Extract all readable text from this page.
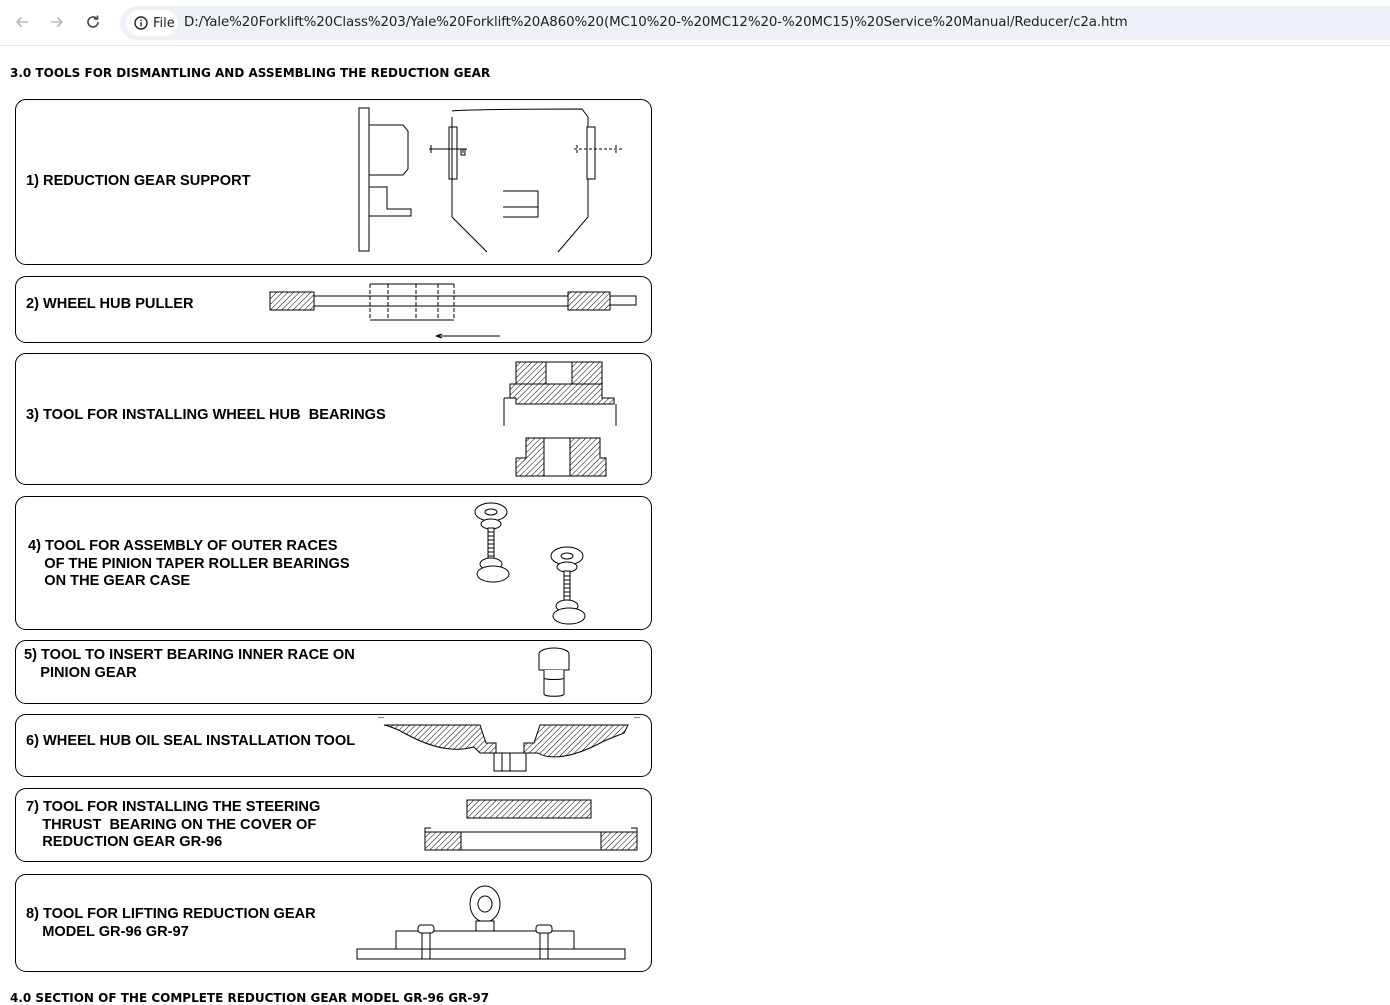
File D:/Yale%20Forklift%20Class%203/Yale%20Forklift%20A860%20(MC10%20-%20MC12%20-%20MC15)%20Service%20Manual/Reducer/c2a.htm
3.0 TOOLS FOR DISMANTLING AND ASSEMBLING THE REDUCTION GEAR
1) REDUCTION GEAR SUPPORT
2) WHEEL HUB PULLER
3) TOOL FOR INSTALLING WHEEL HUB  BEARINGS
4) TOOL FOR ASSEMBLY OF OUTER RACES
OF THE PINION TAPER ROLLER BEARINGS
ON THE GEAR CASE
5) TOOL TO INSERT BEARING INNER RACE ON
PINION GEAR
6) WHEEL HUB OIL SEAL INSTALLATION TOOL
7) TOOL FOR INSTALLING THE STEERING
THRUST  BEARING ON THE COVER OF
REDUCTION GEAR GR-96
8) TOOL FOR LIFTING REDUCTION GEAR
MODEL GR-96 GR-97
4.0 SECTION OF THE COMPLETE REDUCTION GEAR MODEL GR-96 GR-97
